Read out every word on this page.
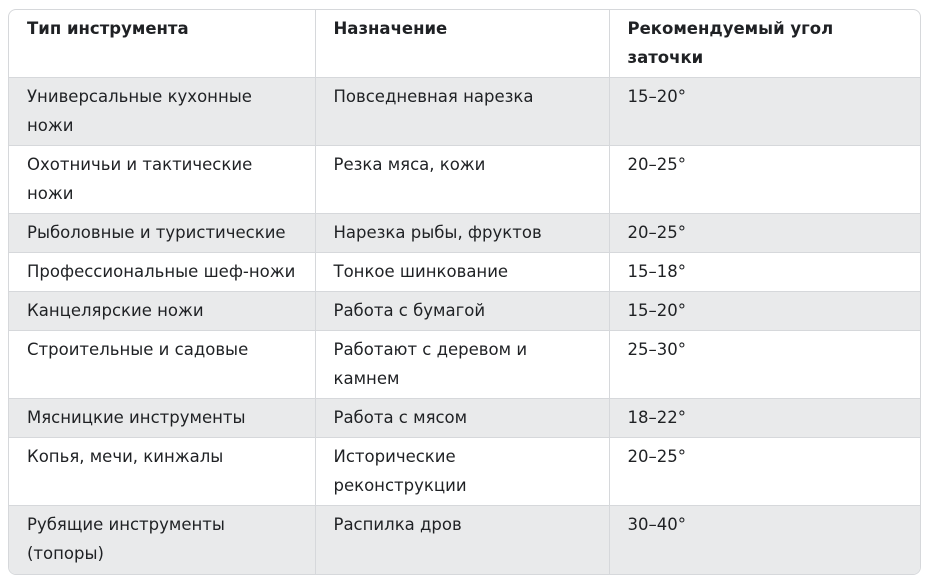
Тип инструмента	Назначение	Рекомендуемый угол заточки
Универсальные кухонные ножи	Повседневная нарезка	15–20°
Охотничьи и тактические ножи	Резка мяса, кожи	20–25°
Рыболовные и туристические	Нарезка рыбы, фруктов	20–25°
Профессиональные шеф-ножи	Тонкое шинкование	15–18°
Канцелярские ножи	Работа с бумагой	15–20°
Строительные и садовые	Работают с деревом и камнем	25–30°
Мясницкие инструменты	Работа с мясом	18–22°
Копья, мечи, кинжалы	Исторические реконструкции	20–25°
Рубящие инструменты (топоры)	Распилка дров	30–40°
